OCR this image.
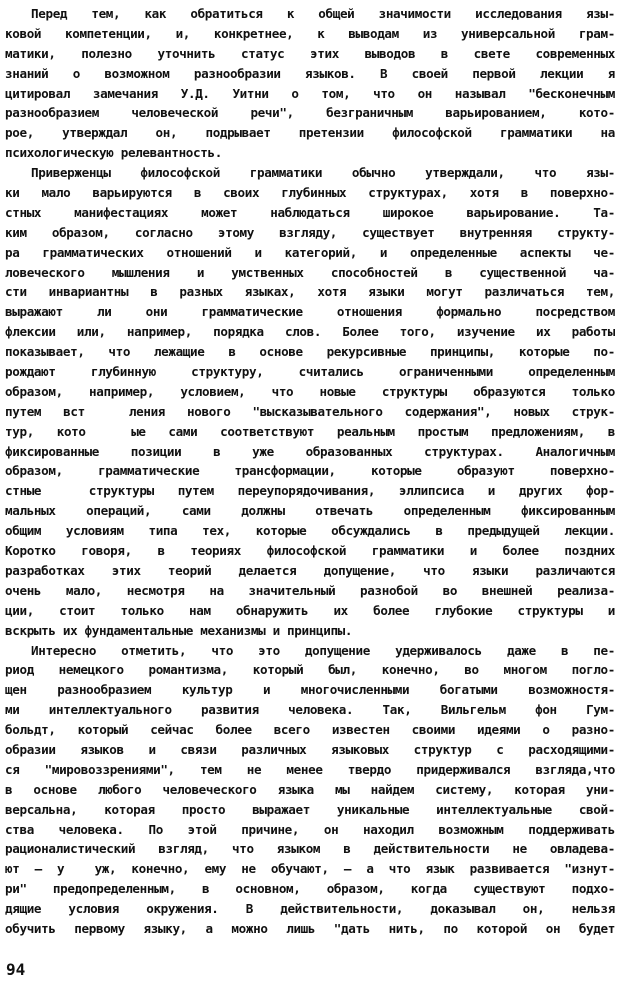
Перед тем, как обратиться к общей значимости исследования язы-
ковой компетенции, и, конкретнее, к выводам из универсальной грам-
матики, полезно уточнить статус этих выводов в свете современных
знаний о возможном разнообразии языков. В своей первой лекции я
цитировал замечания У.Д. Уитни о том, что он называл "бесконечным
разнообразием человеческой речи", безграничным варьированием, кото-
рое, утверждал он, подрывает претензии философской грамматики на
психологическую релевантность.
Приверженцы философской грамматики обычно утверждали, что язы-
ки мало варьируются в своих глубинных структурах, хотя в поверхно-
стных манифестациях может наблюдаться широкое варьирование. Та-
ким образом, согласно этому взгляду, существует внутренняя структу-
ра грамматических отношений и категорий, и определенные аспекты че-
ловеческого мышления и умственных способностей в существенной ча-
сти инвариантны в разных языках, хотя языки могут различаться тем,
выражают ли они грамматические отношения формально посредством
флексии или, например, порядка слов. Более того, изучение их работы
показывает, что лежащие в основе рекурсивные принципы, которые по-
рождают глубинную структуру, считались ограниченными определенным
образом, например, условием, что новые структуры образуются только
путем вст  ления нового "высказывательного содержания", новых струк-
тур, кото  ые сами соответствуют реальным простым предложениям, в
фиксированные позиции в уже образованных структурах. Аналогичным
образом, грамматические трансформации, которые образуют поверхно-
стные  структуры путем переупорядочивания, эллипсиса и других фор-
мальных операций, сами должны отвечать определенным фиксированным
общим условиям типа тех, которые обсуждались в предыдущей лекции.
Коротко говоря, в теориях философской грамматики и более поздних
разработках этих теорий делается допущение, что языки различаются
очень мало, несмотря на значительный разнобой во внешней реализа-
ции, стоит только нам обнаружить их более глубокие структуры и
вскрыть их фундаментальные механизмы и принципы.
Интересно отметить, что это допущение удерживалось даже в пе-
риод немецкого романтизма, который был, конечно, во многом погло-
щен разнообразием культур и многочисленными богатыми возможностя-
ми интеллектуального развития человека. Так, Вильгельм фон Гум-
больдт, который сейчас более всего известен своими идеями о разно-
образии языков и связи различных языковых структур с расходящими-
ся "мировоззрениями", тем не менее твердо придерживался взгляда,что
в основе любого человеческого языка мы найдем систему, которая уни-
версальна, которая просто выражает уникальные интеллектуальные свой-
ства человека. По этой причине, он находил возможным поддерживать
рационалистический взгляд, что языком в действительности не овладева-
ют — у  уж, конечно, ему не обучают, — а что язык развивается "изнут-
ри" предопределенным, в основном, образом, когда существуют подхо-
дящие условия окружения. В действительности, доказывал он, нельзя
обучить первому языку, а можно лишь "дать нить, по которой он будет
94
